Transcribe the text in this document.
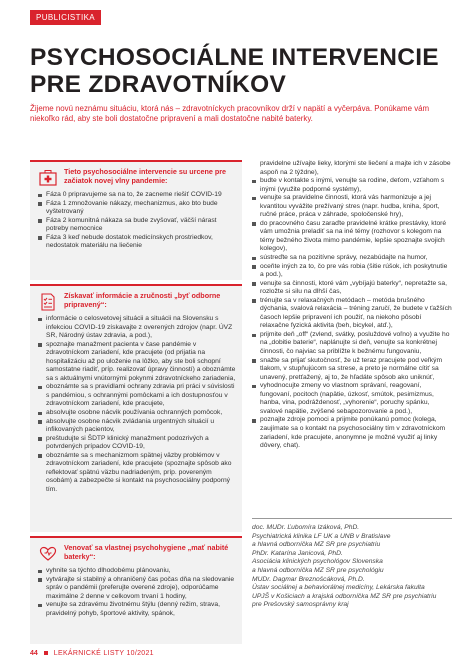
PUBLICISTIKA
PSYCHOSOCIÁLNE INTERVENCIE PRE ZDRAVOTNÍKOV

Žijeme novú neznámu situáciu, ktorá nás – zdravotníckych pracovníkov drží v napätí a vyčerpáva. Ponúkame vám niekoľko rád, aby ste boli dostatočne pripravení a mali dostatočne nabité baterky.

Tieto psychosociálne intervencie su urcene pre začiatok novej vlny pandemie:
Fáza 0 pripravujeme sa na to, že zacneme riešiť COVID-19
Fáza 1 zmnožovanie nákazy, mechanizmus, ako bto bude vyštetrovaný
Fáza 2 komunitná nákaza sa bude zvyšovať, väčší nárast potreby nemocnice
Fáza 3 keď nebude dostatok medicínskych prostriedkov, nedostatok materiálu na liečenie
Získavať informácie a zručnosti „byť odborne pripravený“:
informácie o celosvetovej situácii a situácii na Slovensku s infekciou COVID-19 získavajte z overených zdrojov (napr. ÚVZ SR, Národný ústav zdravia, a pod.),
spoznajte manažment pacienta v čase pandémie v zdravotníckom zariadení, kde pracujete (od prijatia na hospitalizáciu až po uloženie na lôžko, aby ste boli schopní samostatne riadiť, príp. realizovať úpravy činností) a oboznámte sa s aktuálnymi vnútornými pokynmi zdravotníckeho zariadenia,
oboznámte sa s pravidlami ochrany zdravia pri práci v súvislosti s pandémiou, s ochrannými pomôckami a ich dostupnosťou v zdravotníckom zariadení, kde pracujete,
absolvujte osobne nácvik používania ochranných pomôcok,
absolvujte osobne nácvik zvládania urgentných situácií u infikovaných pacientov,
preštudujte si ŠDTP klinický manažment podozrivých a potvrdených prípadov COVID-19,
oboznámte sa s mechanizmom spätnej väzby problémov v zdravotníckom zariadení, kde pracujete (spoznajte spôsob ako reflektovať spätnú väzbu nadriadeným, príp. povereným osobám) a zabezpečte si kontakt na psychosociálny podporný tím.
Venovať sa vlastnej psychohygiene „mať nabité baterky“:
vyhnite sa týchto dlhodobému plánovaniu,
vytvárajte si stabilný a ohraničený čas počas dňa na sledovanie správ o pandémii (preferujte overené zdroje), odporúčame maximálne 2 denne v celkovom trvaní 1 hodiny,
venujte sa zdravému životnému štýlu (denný režim, strava, pravidelný pohyb, športové aktivity, spánok,

pravidelne užívajte lieky, ktorými ste liečení a majte ich v zásobe aspoň na 2 týždne),

budte v kontakte s inými, venujte sa rodine, deťom, vzťahom s inými (využite podporné systémy),
venujte sa pravidelne činnosti, ktorá vás harmonizuje a jej kvantitou vyvážite prežívaný stres (napr. hudba, kniha, šport, ručné práce, práca v záhrade, spoločenské hry),
do pracovného času zaraďte pravidelné krátke prestávky, ktoré vám umožnia preladiť sa na iné témy (rozhovor s kolegom na témy bežného života mimo pandémie, lepšie spoznajte svojich kolegov),
sústreďte sa na pozitívne správy, nezabúdajte na humor,
oceňte iných za to, čo pre vás robia (šitie rúšok, ich poskytnutie a pod.),
venujte sa činnosti, ktoré vám „vybíjajú baterky“, nepretažte sa, rozložte si silu na dlhší čas,
trénujte sa v relaxačných metódach – metóda brušného dýchania, svalová relaxácia – tréning zaručí, že budete v ťažších časoch lepšie pripravení ich použiť, na niekoho pôsobí relaxačne fyzická aktivita (beh, bicykel, atď.),
prijmite deň „off“ (zvlend, svátky, posluždové voľno) a využite ho na „dobitie baterie“, naplánujte si deň, venujte sa konkrétnej činnosti, čo najviac sa priblížte k bežnému fungovaniu,
snažte sa prijať skutočnosť, že už teraz pracujete pod veľkým tlakom, v stupňujúcom sa strese, a preto je normálne cítiť sa unavený, pretťažený, aj to, že hľadáte spôsob ako uniknúť,
vyhodnocujte zmeny vo vlastnom správaní, reagovaní, fungovaní, pocitoch (napätie, úzkosť, smútok, pesimizmus, hanba, vina, podráždenosť, „vyhorenie“, poruchy spánku, svalové napätie, zvýšené sebapozorovanie a pod.),
poznajte zdroje pomoci a prijmite ponúkanú pomoc (kolega, zaujímate sa o kontakt na psychosociálny tím v zdravotníckom zariadení, kde pracujete, anonymne je možné využiť aj linky dôvery, chat).

doc. MUDr. Ľubomíra Izáková, PhD.

Psychiatrická klinika LF UK a UNB v Bratislave

a hlavná odborníčka MZ SR pre psychiatriu

PhDr. Katarína Janicová, PhD.

Asociácia klinických psychológov Slovenska

a hlavná odborníčka MZ SR pre psychológiu

MUDr. Dagmar Breznošcáková, Ph.D.

Ústav sociálnej a behaviorálnej medicíny, Lekárska fakulta

UPJŠ v Košiciach a krajská odborníčka MZ SR pre psychiatriu

pre Prešovský samosprávny kraj

44 LEKÁRNICKÉ LISTY 10/2021
